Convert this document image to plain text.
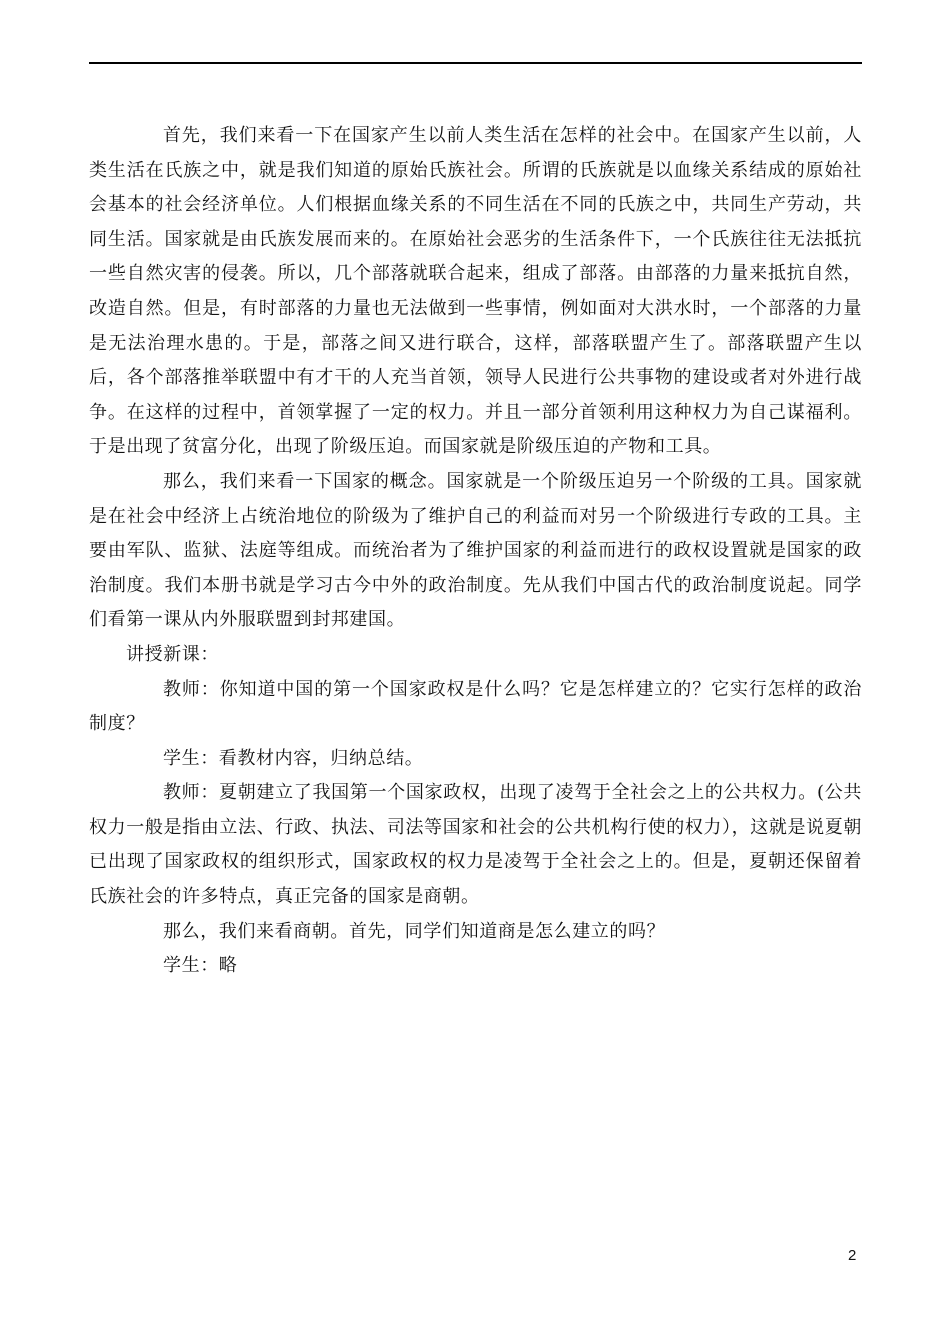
首先，我们来看一下在国家产生以前人类生活在怎样的社会中。在国家产生以前，人类生活在氏族之中，就是我们知道的原始氏族社会。所谓的氏族就是以血缘关系结成的原始社会基本的社会经济单位。人们根据血缘关系的不同生活在不同的氏族之中，共同生产劳动，共同生活。国家就是由氏族发展而来的。在原始社会恶劣的生活条件下，一个氏族往往无法抵抗一些自然灾害的侵袭。所以，几个部落就联合起来，组成了部落。由部落的力量来抵抗自然，改造自然。但是，有时部落的力量也无法做到一些事情，例如面对大洪水时，一个部落的力量是无法治理水患的。于是，部落之间又进行联合，这样，部落联盟产生了。部落联盟产生以后，各个部落推举联盟中有才干的人充当首领，领导人民进行公共事物的建设或者对外进行战争。在这样的过程中，首领掌握了一定的权力。并且一部分首领利用这种权力为自己谋福利。于是出现了贫富分化，出现了阶级压迫。而国家就是阶级压迫的产物和工具。

那么，我们来看一下国家的概念。国家就是一个阶级压迫另一个阶级的工具。国家就是在社会中经济上占统治地位的阶级为了维护自己的利益而对另一个阶级进行专政的工具。主要由军队、监狱、法庭等组成。而统治者为了维护国家的利益而进行的政权设置就是国家的政治制度。我们本册书就是学习古今中外的政治制度。先从我们中国古代的政治制度说起。同学们看第一课从内外服联盟到封邦建国。

讲授新课：

教师：你知道中国的第一个国家政权是什么吗？它是怎样建立的？它实行怎样的政治制度？

学生：看教材内容，归纳总结。

教师：夏朝建立了我国第一个国家政权，出现了凌驾于全社会之上的公共权力。(公共权力一般是指由立法、行政、执法、司法等国家和社会的公共机构行使的权力），这就是说夏朝已出现了国家政权的组织形式，国家政权的权力是凌驾于全社会之上的。但是，夏朝还保留着氏族社会的许多特点，真正完备的国家是商朝。

那么，我们来看商朝。首先，同学们知道商是怎么建立的吗？

学生：略

2
